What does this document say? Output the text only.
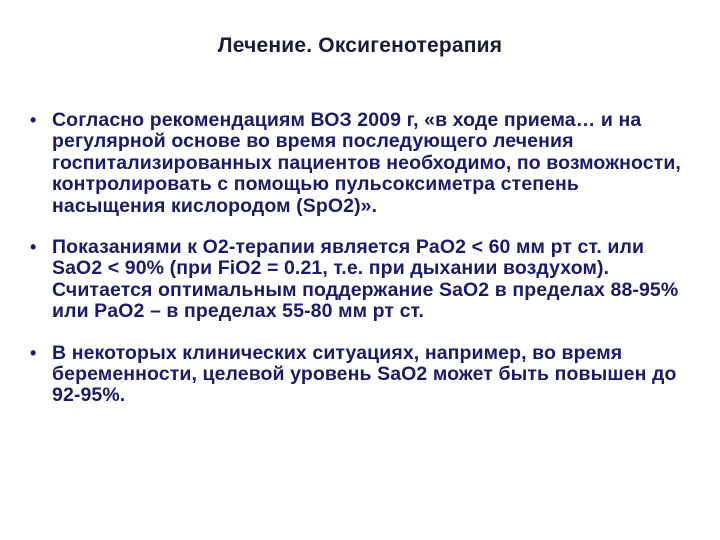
Лечение. Оксигенотерапия
• Согласно рекомендациям ВОЗ 2009 г, «в ходе приема… и на регулярной основе во время последующего лечения госпитализированных пациентов необходимо, по возможности, контролировать с помощью пульсоксиметра степень насыщения кислородом (SpO2)».
• Показаниями к O2-терапии является PaO2 < 60 мм рт ст. или SaO2 < 90% (при FiO2 = 0.21, т.е. при дыхании воздухом). Считается оптимальным поддержание SaO2 в пределах 88-95% или PaO2 – в пределах 55-80 мм рт ст.
• В некоторых клинических ситуациях, например, во время беременности, целевой уровень SaO2 может быть повышен до 92-95%.
